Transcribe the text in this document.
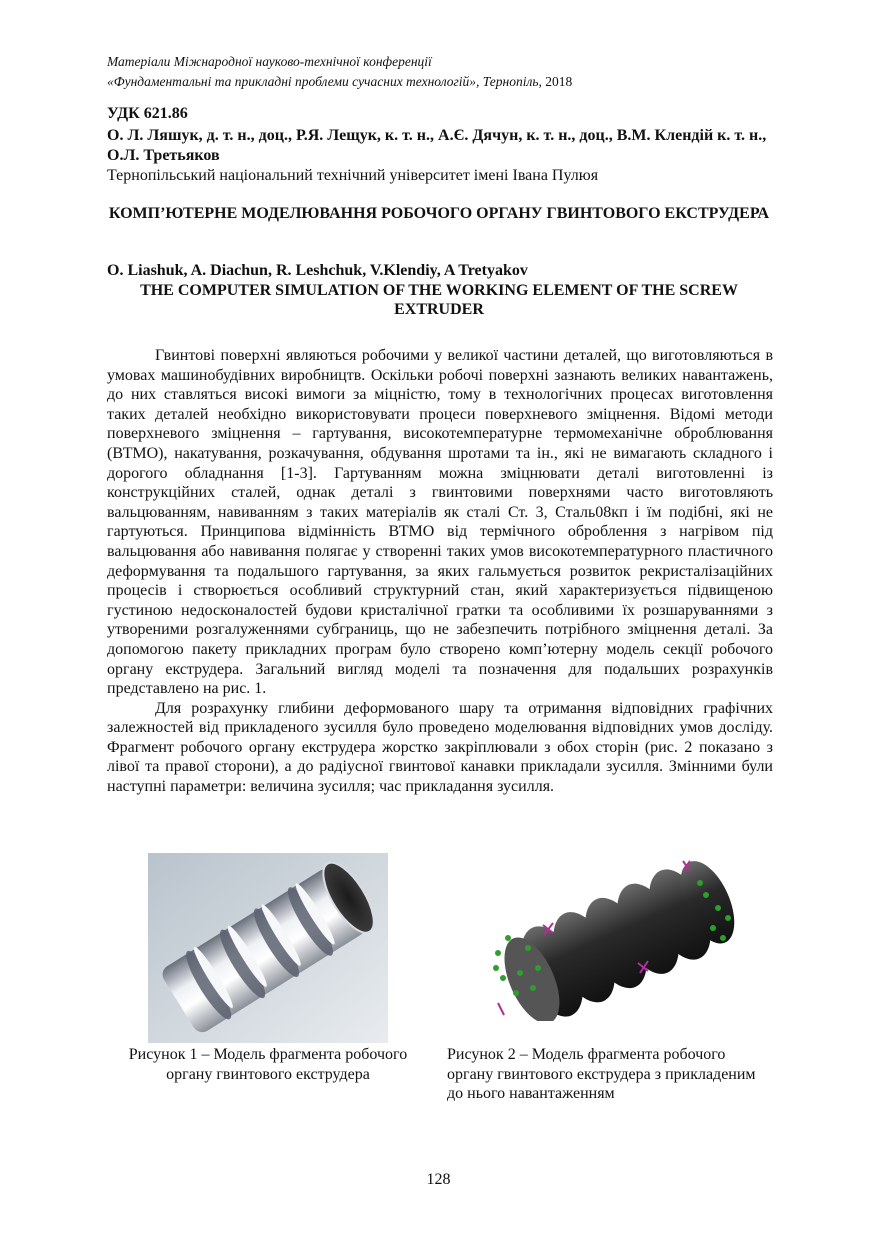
Матеріали Міжнародної науково-технічної конференції
«Фундаментальні та прикладні проблеми сучасних технологій», Тернопіль, 2018
УДК 621.86
О. Л. Ляшук, д. т. н., доц., Р.Я. Лещук, к. т. н., А.Є. Дячун, к. т. н., доц., В.М. Клендій к. т. н., О.Л. Третьяков
Тернопільський національний технічний університет імені Івана Пулюя
КОМП’ЮТЕРНЕ МОДЕЛЮВАННЯ РОБОЧОГО ОРГАНУ ГВИНТОВОГО ЕКСТРУДЕРА
O. Liashuk, A. Diachun, R. Leshchuk, V.Klendiy, A Tretyakov
THE COMPUTER SIMULATION OF THE WORKING ELEMENT OF THE SCREW EXTRUDER

Гвинтові поверхні являються робочими у великої частини деталей, що виготовляються в умовах машинобудівних виробництв. Оскільки робочі поверхні зазнають великих навантажень, до них ставляться високі вимоги за міцністю, тому в технологічних процесах виготовлення таких деталей необхідно використовувати процеси поверхневого зміцнення. Відомі методи поверхневого зміцнення – гартування, високотемпературне термомеханічне оброблювання (ВТМО), накатування, розкачування, обдування шротами та ін., які не вимагають складного і дорогого обладнання [1-3]. Гартуванням можна зміцнювати деталі виготовленні із конструкційних сталей, однак деталі з гвинтовими поверхнями часто виготовляють вальцюванням, навиванням з таких матеріалів як сталі Ст. 3, Сталь08кп і їм подібні, які не гартуються. Принципова відмінність ВТМО від термічного оброблення з нагрівом під вальцювання або навивання полягає у створенні таких умов високотемпературного пластичного деформування та подальшого гартування, за яких гальмується розвиток рекристалізаційних процесів і створюється особливий структурний стан, який характеризується підвищеною густиною недосконалостей будови кристалічної гратки та особливими їх розшаруваннями з утвореними розгалуженнями субграниць, що не забезпечить потрібного зміцнення деталі. За допомогою пакету прикладних програм було створено комп’ютерну модель секції робочого органу екструдера. Загальний вигляд моделі та позначення для подальших розрахунків представлено на рис. 1.

Для розрахунку глибини деформованого шару та отримання відповідних графічних залежностей від прикладеного зусилля було проведено моделювання відповідних умов досліду. Фрагмент робочого органу екструдера жорстко закріплювали з обох сторін (рис. 2 показано з лівої та правої сторони), а до радіусної гвинтової канавки прикладали зусилля. Змінними були наступні параметри: величина зусилля; час прикладання зусилля.

Рисунок 1 – Модель фрагмента робочого органу гвинтового екструдера
Рисунок 2 – Модель фрагмента робочого органу гвинтового екструдера з прикладеним до нього навантаженням
128
